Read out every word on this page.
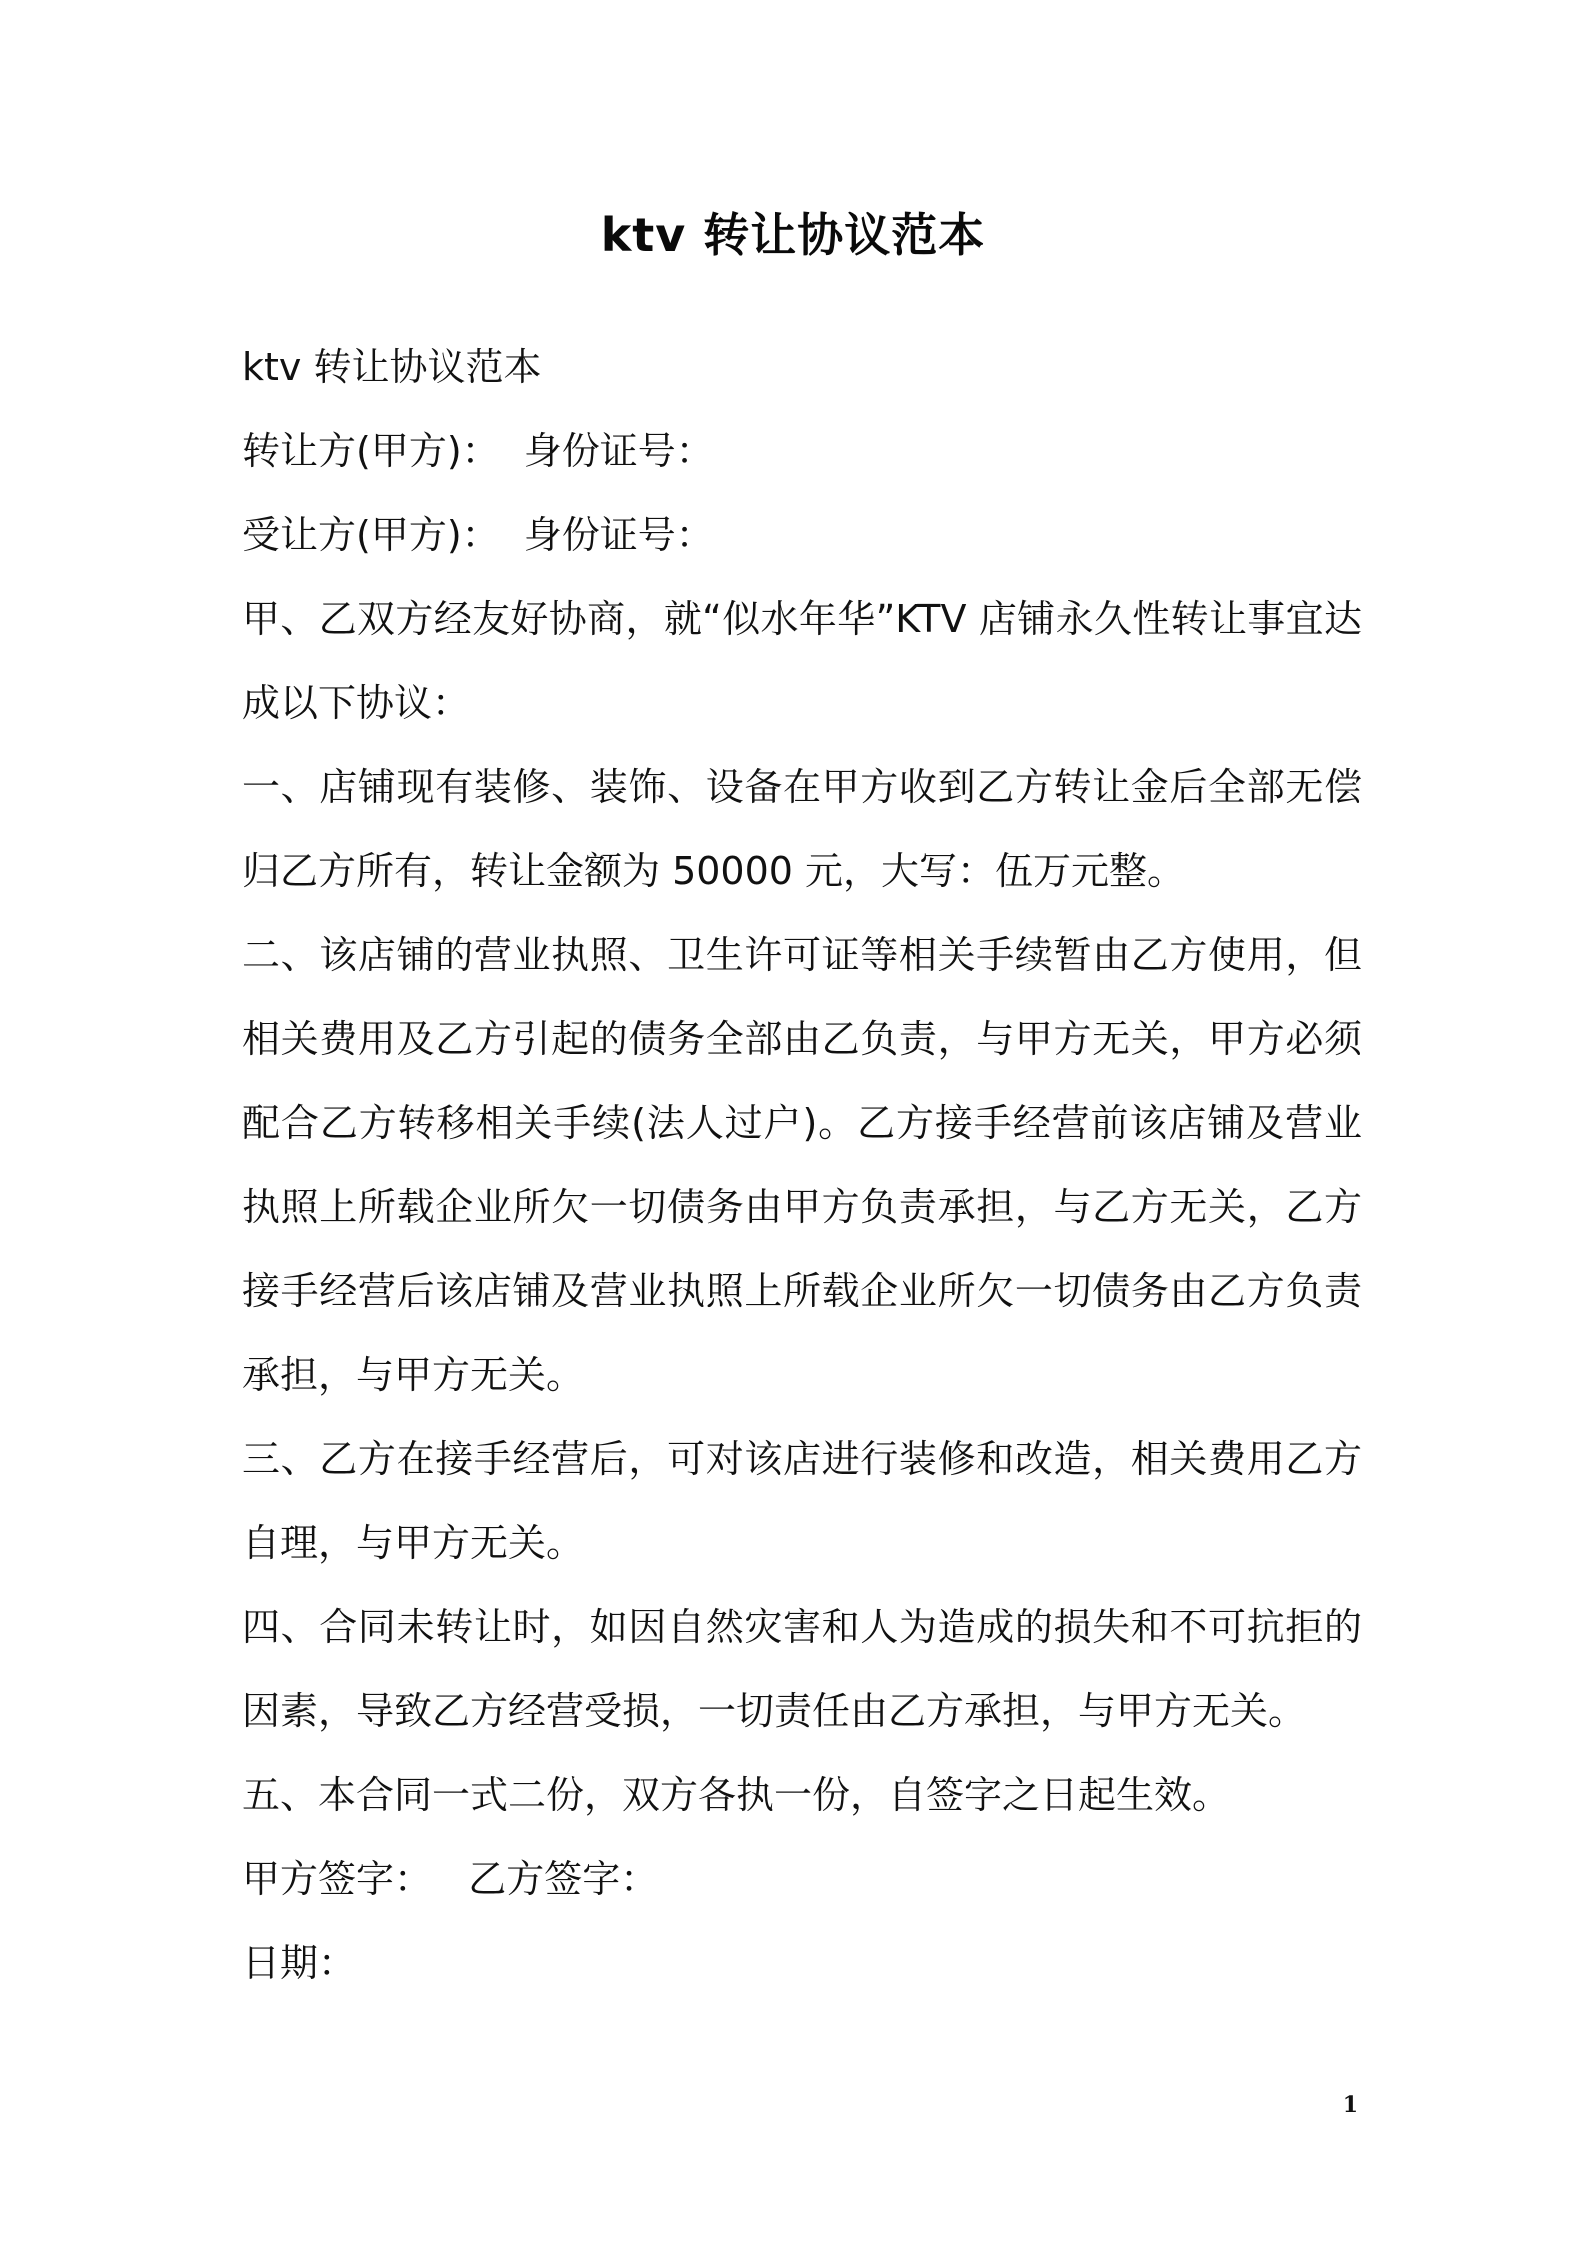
ktv 转让协议范本

ktv 转让协议范本

转让方(甲方)：  身份证号：

受让方(甲方)：  身份证号：

甲、乙双方经友好协商，就“似水年华”KTV 店铺永久性转让事宜达成以下协议：

一、店铺现有装修、装饰、设备在甲方收到乙方转让金后全部无偿归乙方所有，转让金额为 50000 元，大写：伍万元整。

二、该店铺的营业执照、卫生许可证等相关手续暂由乙方使用，但相关费用及乙方引起的债务全部由乙负责，与甲方无关，甲方必须配合乙方转移相关手续(法人过户)。乙方接手经营前该店铺及营业执照上所载企业所欠一切债务由甲方负责承担，与乙方无关，乙方接手经营后该店铺及营业执照上所载企业所欠一切债务由乙方负责承担，与甲方无关。

三、乙方在接手经营后，可对该店进行装修和改造，相关费用乙方自理，与甲方无关。

四、合同未转让时，如因自然灾害和人为造成的损失和不可抗拒的因素，导致乙方经营受损，一切责任由乙方承担，与甲方无关。

五、本合同一式二份，双方各执一份，自签字之日起生效。

甲方签字：   乙方签字：

日期：

1
